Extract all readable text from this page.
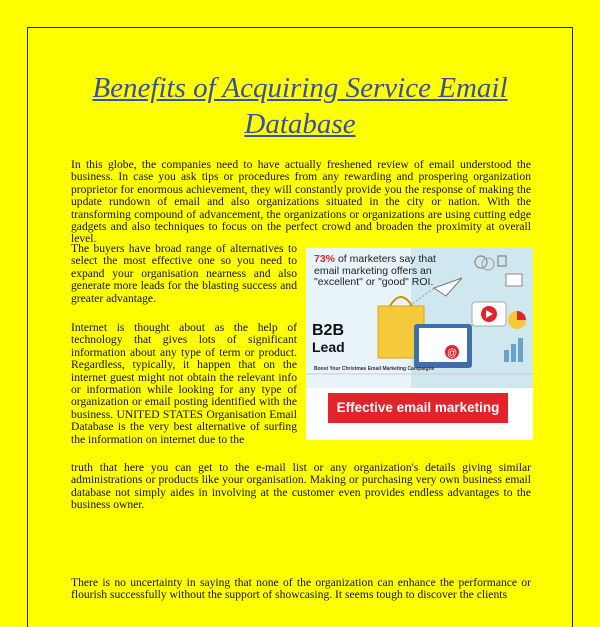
Benefits of Acquiring Service Email Database
In this globe, the companies need to have actually freshened review of email understood the business. In case you ask tips or procedures from any rewarding and prospering organization proprietor for enormous achievement, they will constantly provide you the response of making the update rundown of email and also organizations situated in the city or nation. With the transforming compound of advancement, the organizations or organizations are using cutting edge gadgets and also techniques to focus on the perfect crowd and broaden the proximity at overall level.
The buyers have broad range of alternatives to select the most effective one so you need to expand your organisation nearness and also generate more leads for the blasting success and greater advantage.
@
73% of marketers say that email marketing offers an "excellent" or "good" ROI.
B2B
Lead
Boost Your Christmas Email Marketing Campaigns
Effective email marketing
Internet is thought about as the help of technology that gives lots of significant information about any type of term or product. Regardless, typically, it happen that on the internet guest might not obtain the relevant info or information while looking for any type of organization or email posting identified with the business. UNITED STATES Organisation Email Database is the very best alternative of surfing the information on internet due to the
truth that here you can get to the e-mail list or any organization's details giving similar administrations or products like your organisation. Making or purchasing very own business email database not simply aides in involving at the customer even provides endless advantages to the business owner.
There is no uncertainty in saying that none of the organization can enhance the performance or flourish successfully without the support of showcasing. It seems tough to discover the clients
